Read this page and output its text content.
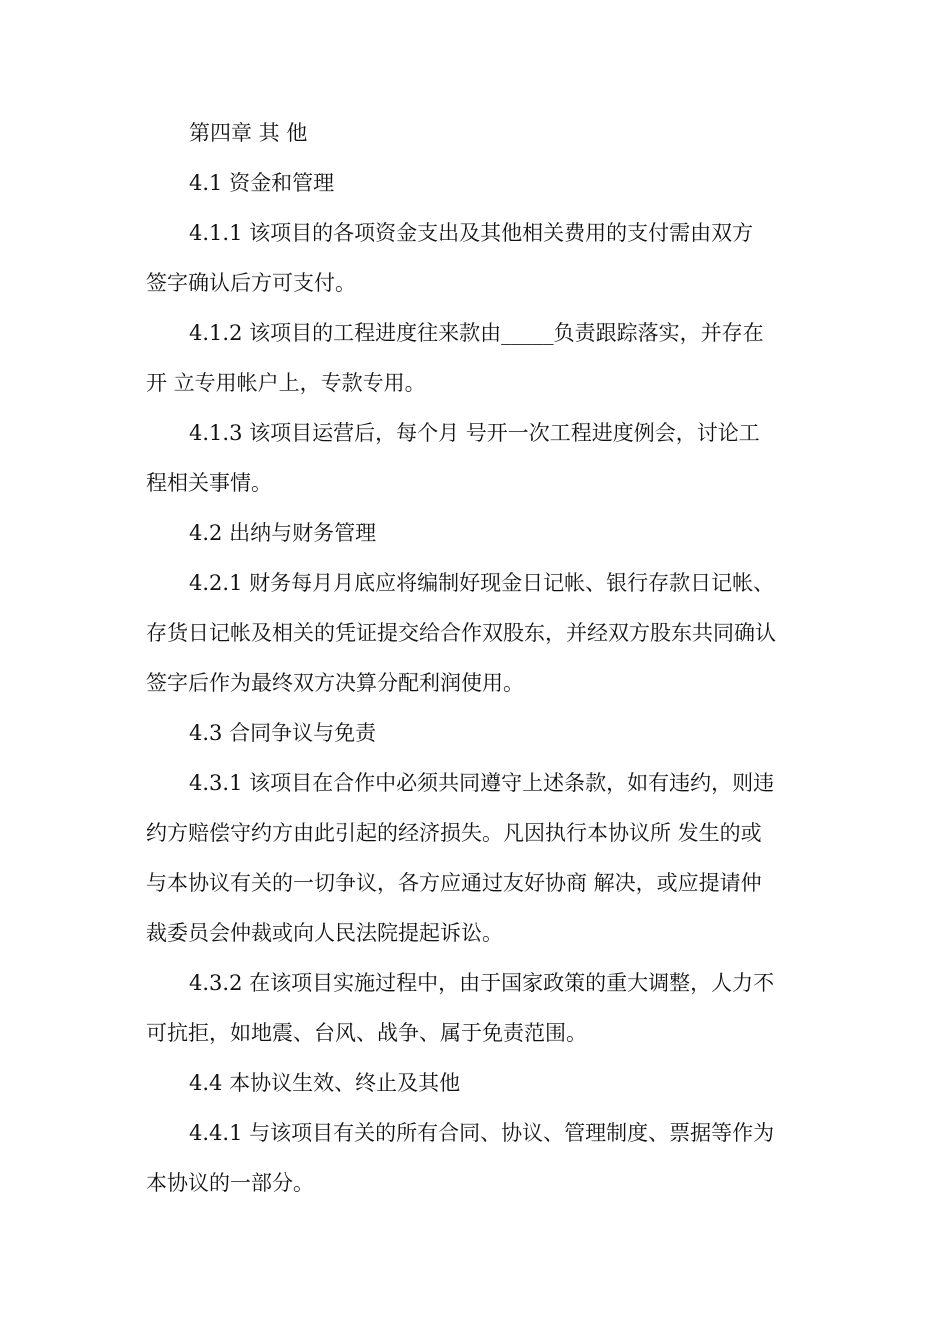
第四章 其 他

4.1 资金和管理

4.1.1 该项目的各项资金支出及其他相关费用的支付需由双方

签字确认后方可支付。

4.1.2 该项目的工程进度往来款由_____负责跟踪落实，并存在

开 立专用帐户上，专款专用。

4.1.3 该项目运营后，每个月 号开一次工程进度例会，讨论工

程相关事情。

4.2 出纳与财务管理

4.2.1 财务每月月底应将编制好现金日记帐、银行存款日记帐、

存货日记帐及相关的凭证提交给合作双股东，并经双方股东共同确认

签字后作为最终双方决算分配利润使用。

4.3 合同争议与免责

4.3.1 该项目在合作中必须共同遵守上述条款，如有违约，则违

约方赔偿守约方由此引起的经济损失。凡因执行本协议所 发生的或

与本协议有关的一切争议，各方应通过友好协商 解决，或应提请仲

裁委员会仲裁或向人民法院提起诉讼。

4.3.2 在该项目实施过程中，由于国家政策的重大调整，人力不

可抗拒，如地震、台风、战争、属于免责范围。

4.4 本协议生效、终止及其他

4.4.1 与该项目有关的所有合同、协议、管理制度、票据等作为

本协议的一部分。
